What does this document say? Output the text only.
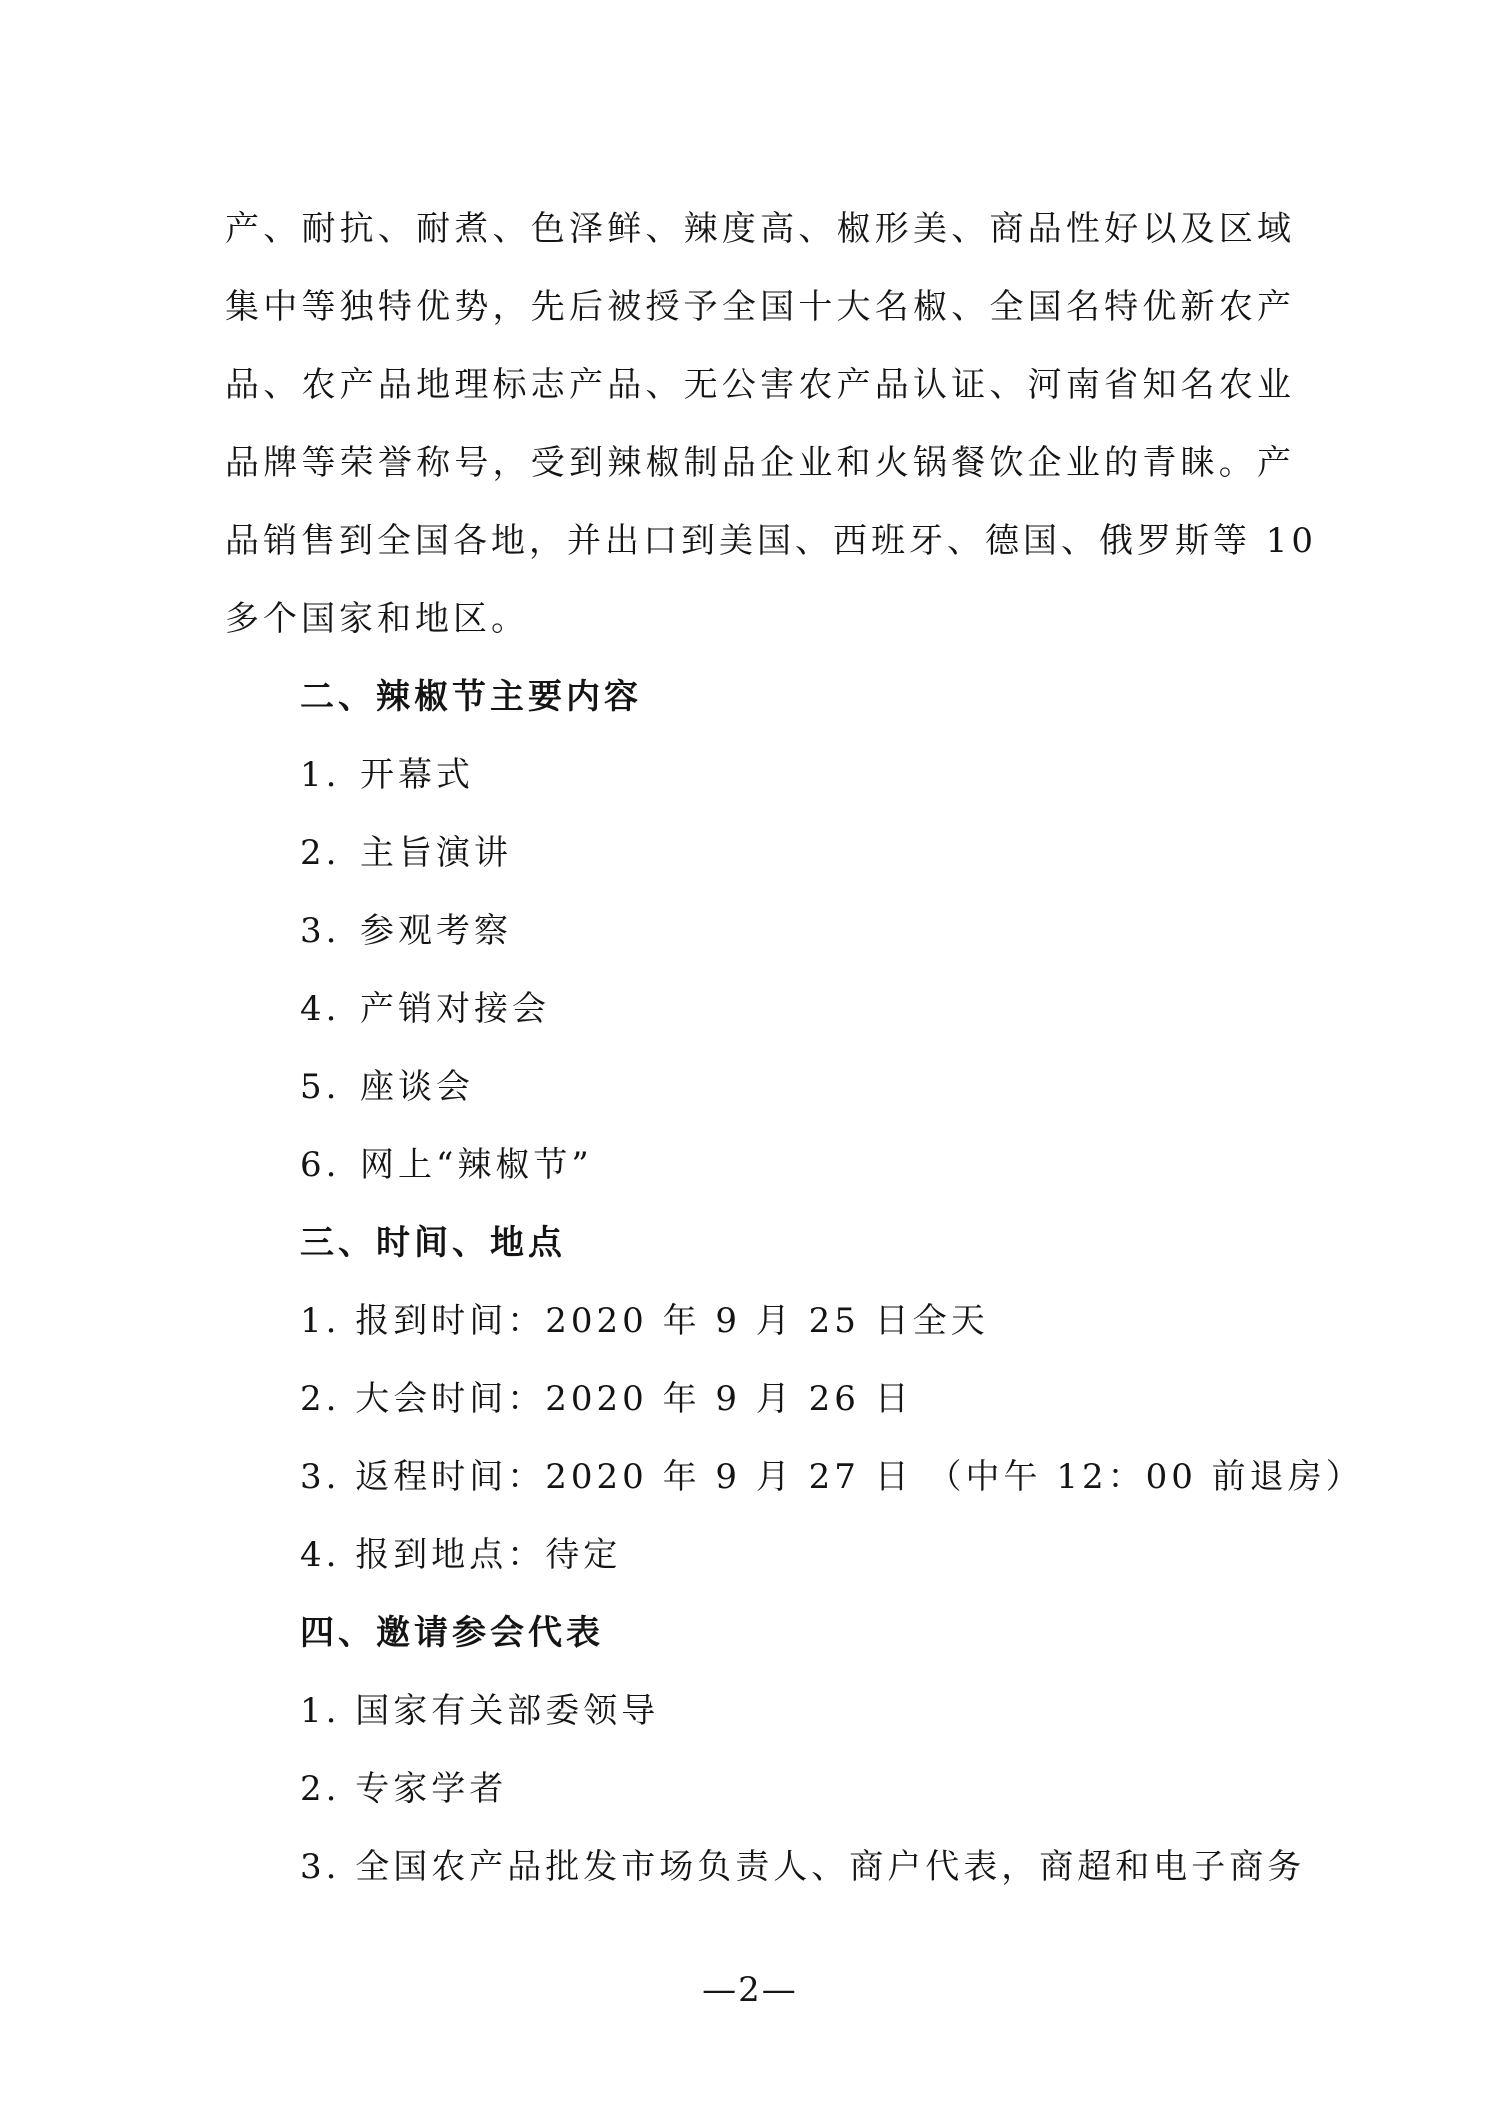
产、耐抗、耐煮、色泽鲜、辣度高、椒形美、商品性好以及区域
集中等独特优势，先后被授予全国十大名椒、全国名特优新农产
品、农产品地理标志产品、无公害农产品认证、河南省知名农业
品牌等荣誉称号，受到辣椒制品企业和火锅餐饮企业的青睐。产
品销售到全国各地，并出口到美国、西班牙、德国、俄罗斯等 10
多个国家和地区。
二、辣椒节主要内容
1. 开幕式
2. 主旨演讲
3. 参观考察
4. 产销对接会
5. 座谈会
6. 网上“辣椒节”
三、时间、地点
1. 报到时间：2020 年 9 月 25 日全天
2. 大会时间：2020 年 9 月 26 日
3. 返程时间：2020 年 9 月 27 日 （中午 12：00 前退房）
4. 报到地点：待定
四、邀请参会代表
1. 国家有关部委领导
2. 专家学者
3. 全国农产品批发市场负责人、商户代表，商超和电子商务
—2—
